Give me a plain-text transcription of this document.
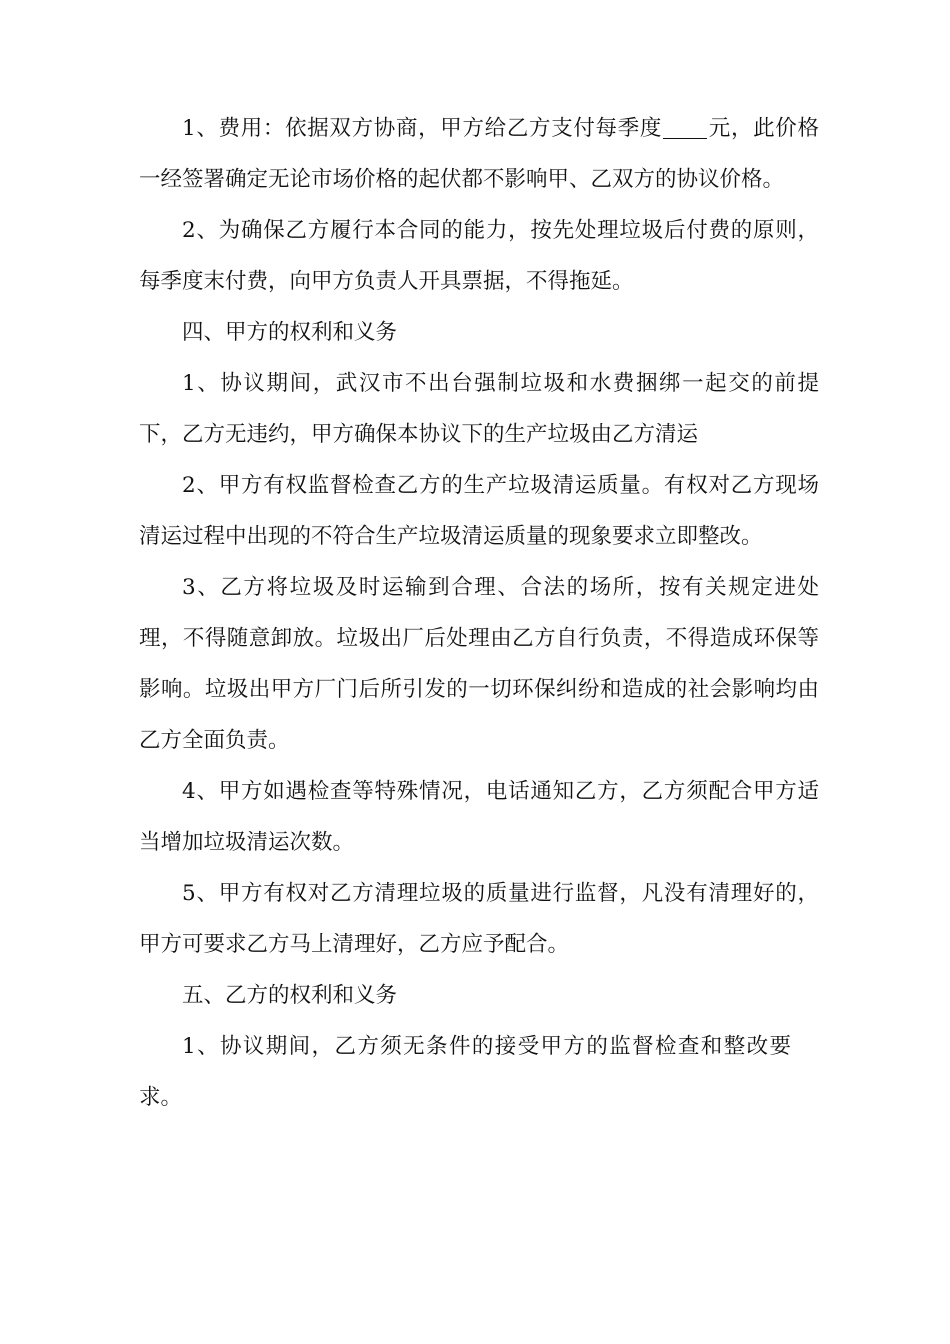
1、费用：依据双方协商，甲方给乙方支付每季度 元，此价格一经签署确定无论市场价格的起伏都不影响甲、乙双方的协议价格。

2、为确保乙方履行本合同的能力，按先处理垃圾后付费的原则，每季度末付费，向甲方负责人开具票据，不得拖延。

四、甲方的权利和义务

1、协议期间，武汉市不出台强制垃圾和水费捆绑一起交的前提下，乙方无违约，甲方确保本协议下的生产垃圾由乙方清运

2、甲方有权监督检查乙方的生产垃圾清运质量。有权对乙方现场清运过程中出现的不符合生产垃圾清运质量的现象要求立即整改。

3、乙方将垃圾及时运输到合理、合法的场所，按有关规定进处理，不得随意卸放。垃圾出厂后处理由乙方自行负责，不得造成环保等影响。垃圾出甲方厂门后所引发的一切环保纠纷和造成的社会影响均由乙方全面负责。

4、甲方如遇检查等特殊情况，电话通知乙方，乙方须配合甲方适当增加垃圾清运次数。

5、甲方有权对乙方清理垃圾的质量进行监督，凡没有清理好的，甲方可要求乙方马上清理好，乙方应予配合。

五、乙方的权利和义务

1、协议期间，乙方须无条件的接受甲方的监督检查和整改要求。
